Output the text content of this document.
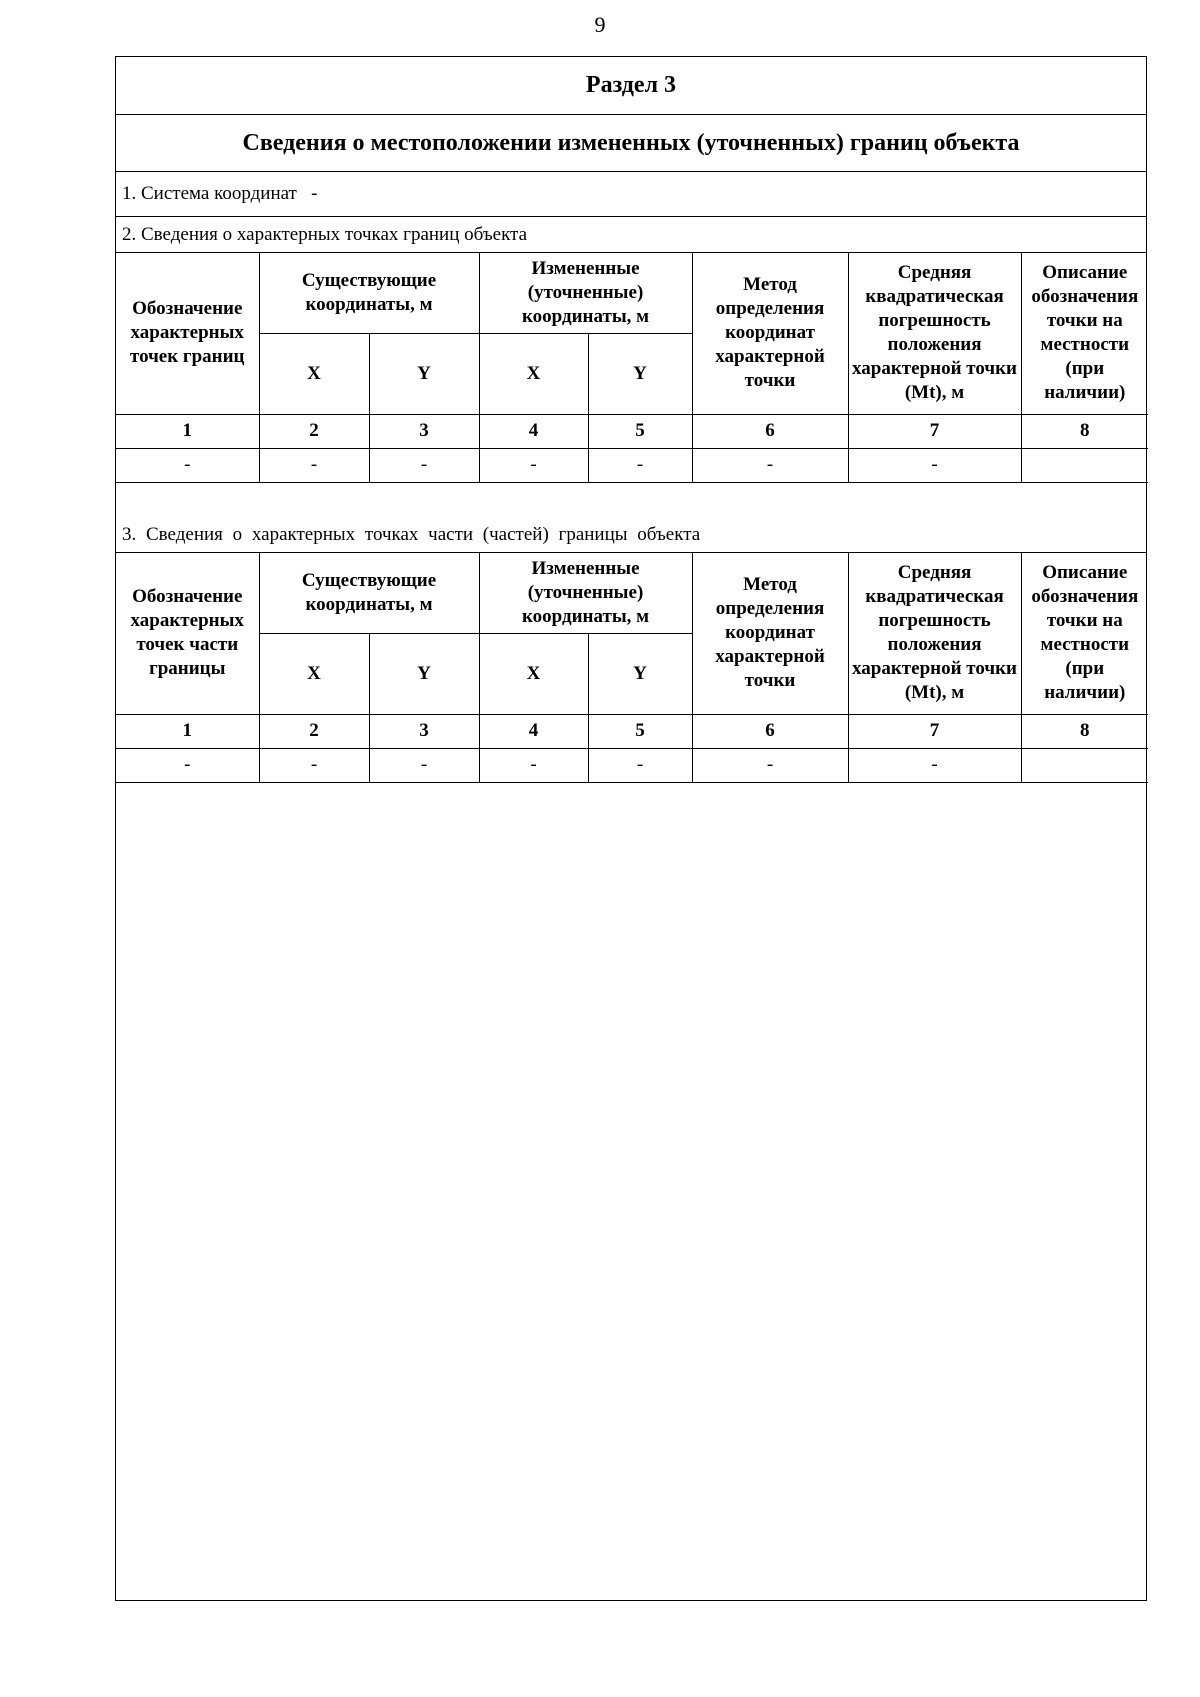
9
Раздел 3
Сведения о местоположении измененных (уточненных) границ объекта
1. Система координат   -
2. Сведения о характерных точках границ объекта
Обозначение характерных точек границ	Существующие координаты, м		Измененные (уточненные) координаты, м		Метод определения координат характерной точки	Средняя квадратическая погрешность положения характерной точки (Mt), м	Описание обозначения точки на местности (при наличии)
	X	Y	X	Y			
1	2	3	4	5	6	7	8
-	-	-	-	-	-	-	
3. Сведения о характерных точках части (частей) границы объекта
Обозначение характерных точек части границы	Существующие координаты, м		Измененные (уточненные) координаты, м		Метод определения координат характерной точки	Средняя квадратическая погрешность положения характерной точки (Mt), м	Описание обозначения точки на местности (при наличии)
	X	Y	X	Y			
1	2	3	4	5	6	7	8
-	-	-	-	-	-	-	
